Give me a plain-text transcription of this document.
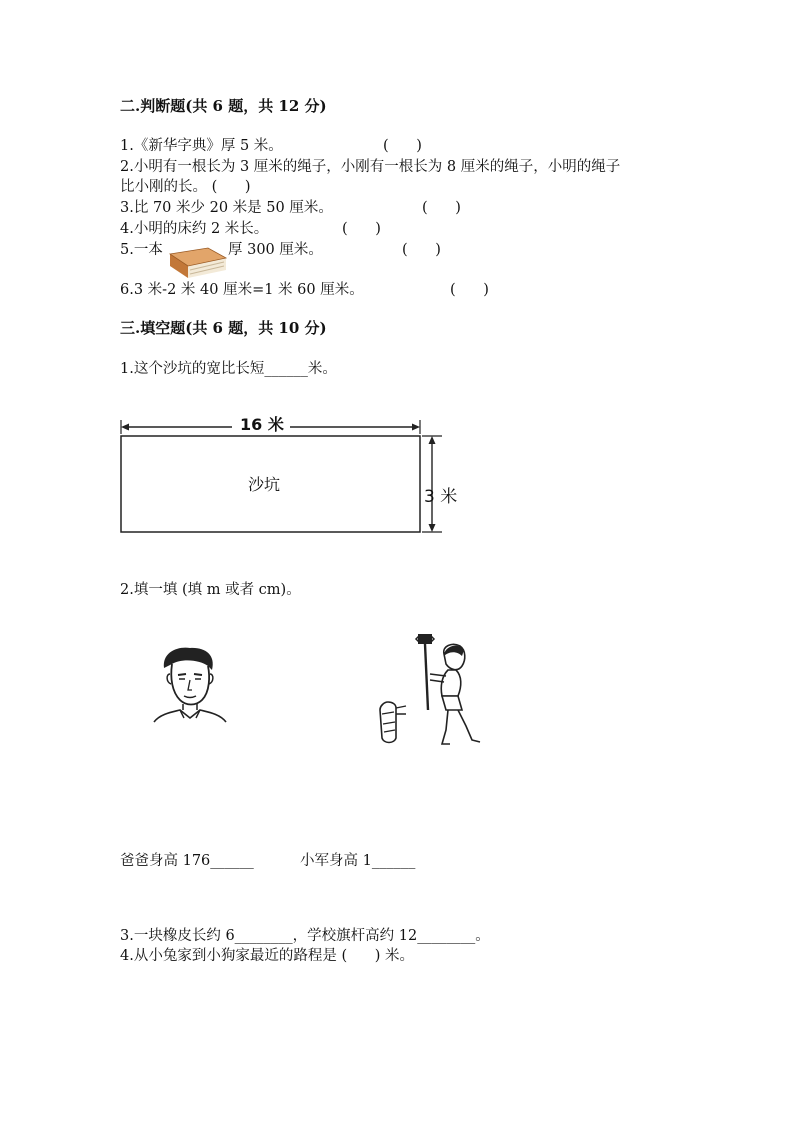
二.判断题(共 6 题，共 12 分)
1.《新华字典》厚 5 米。	(      )
2.小明有一根长为 3 厘米的绳子，小刚有一根长为 8 厘米的绳子，小明的绳子
比小刚的长。 (      )
3.比 70 米少 20 米是 50 厘米。	(      )
4.小明的床约 2 米长。	(      )
5.一本	厚 300 厘米。	(      )
6.3 米-2 米 40 厘米=1 米 60 厘米。	(      )
三.填空题(共 6 题，共 10 分)
1.这个沙坑的宽比长短______米。
16 米
沙坑
3 米
2.填一填 (填 m 或者 cm)。
爸爸身高 176______	小军身高 1______
3.一块橡皮长约 6________，学校旗杆高约 12________。
4.从小兔家到小狗家最近的路程是 (      ) 米。
